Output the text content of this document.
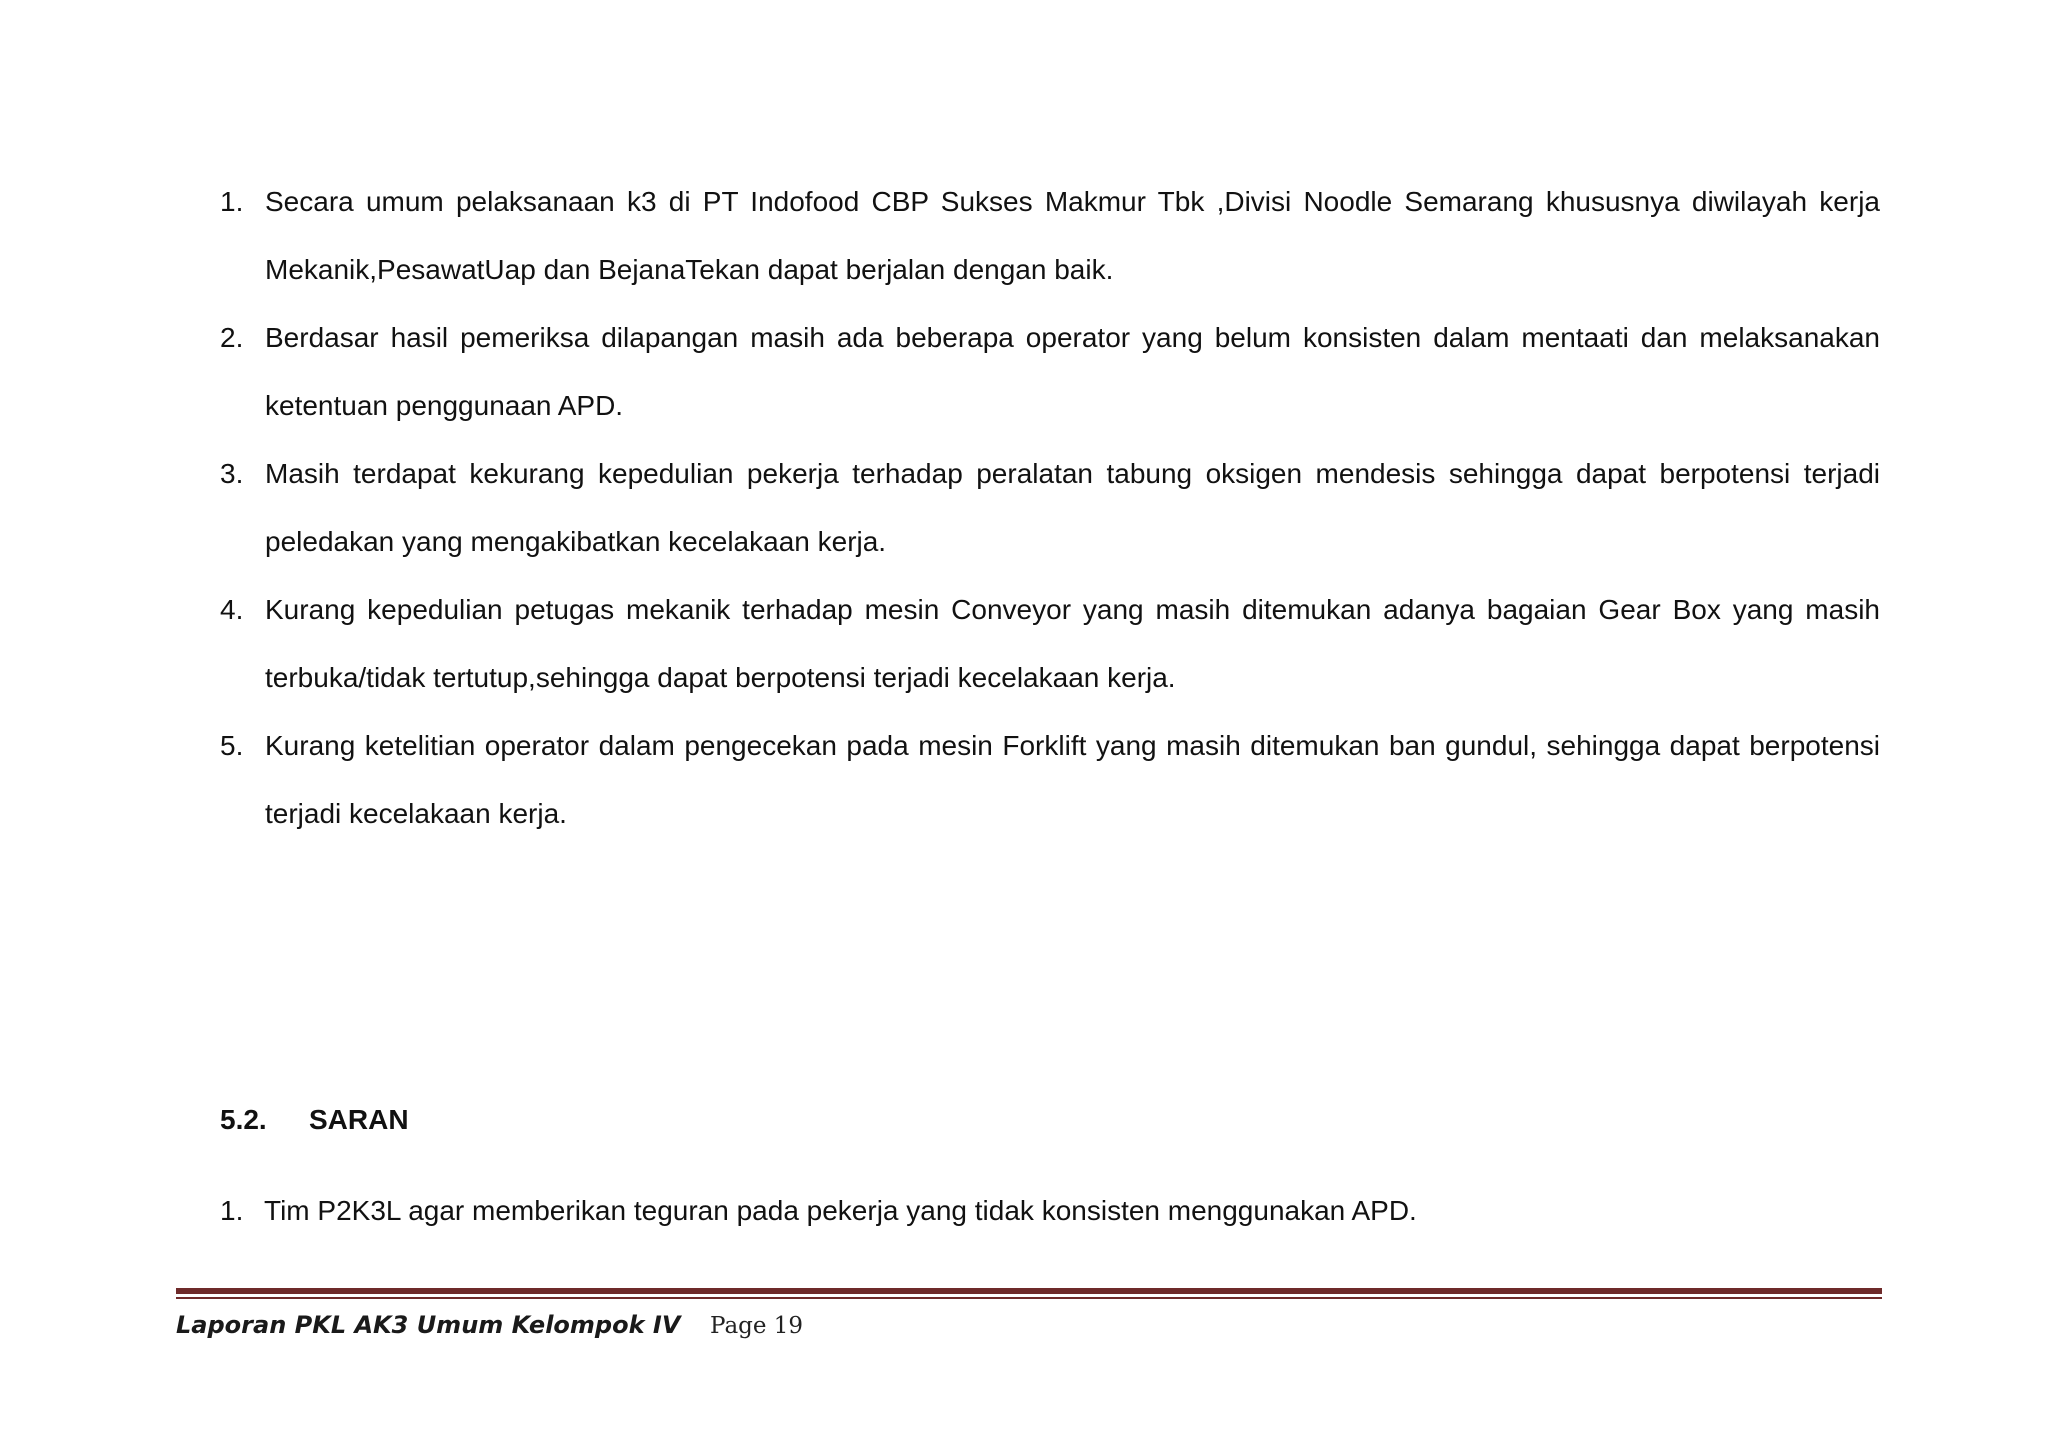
1. Secara umum pelaksanaan k3 di PT Indofood CBP Sukses Makmur Tbk ,Divisi Noodle Semarang khususnya diwilayah kerja Mekanik,PesawatUap dan BejanaTekan dapat berjalan dengan baik.
2. Berdasar hasil pemeriksa dilapangan masih ada beberapa operator yang belum konsisten dalam mentaati dan melaksanakan ketentuan penggunaan APD.
3. Masih terdapat kekurang kepedulian pekerja terhadap peralatan tabung oksigen mendesis sehingga dapat berpotensi terjadi peledakan yang mengakibatkan kecelakaan kerja.
4. Kurang kepedulian petugas mekanik terhadap mesin Conveyor yang masih ditemukan adanya bagaian Gear Box yang masih terbuka/tidak tertutup,sehingga dapat berpotensi terjadi kecelakaan kerja.
5. Kurang ketelitian operator dalam pengecekan pada mesin Forklift yang masih ditemukan ban gundul, sehingga dapat berpotensi terjadi kecelakaan kerja.
5.2. SARAN
1. Tim P2K3L agar memberikan teguran pada pekerja yang tidak konsisten menggunakan APD.
Laporan PKL AK3 Umum Kelompok IV Page 19
